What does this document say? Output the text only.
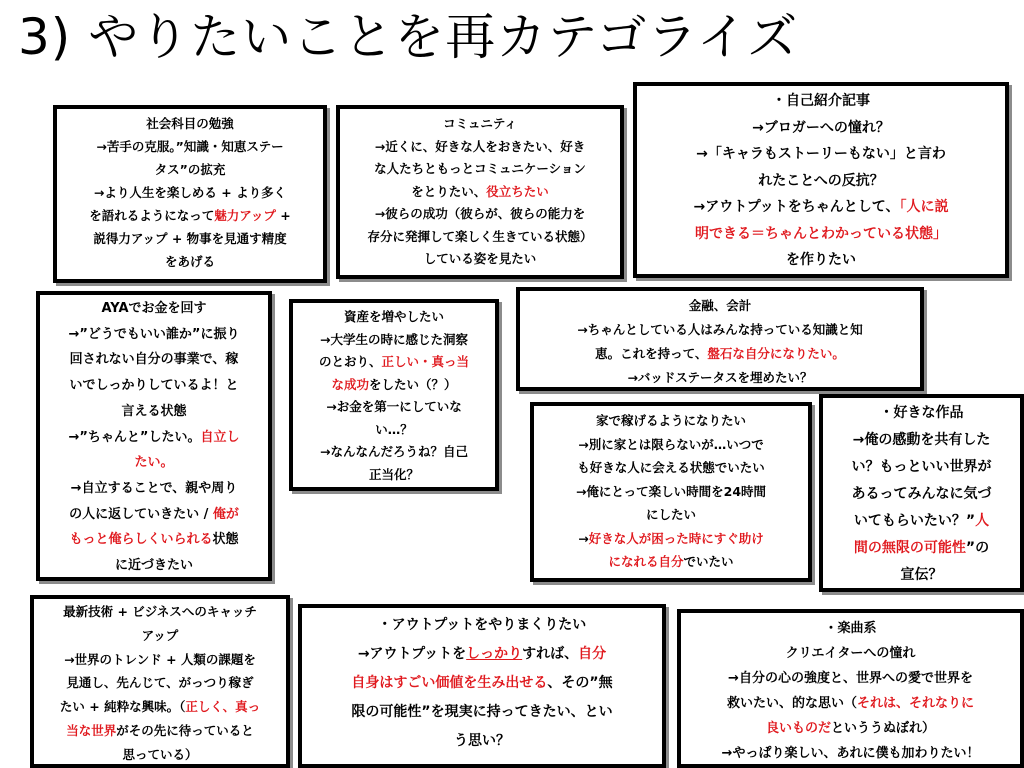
3) やりたいことを再カテゴライズ

社会科目の勉強

→苦手の克服。”知識・知恵ステー

タス”の拡充

→より人生を楽しめる + より多く

を語れるようになって魅力アップ +

説得力アップ + 物事を見通す精度

をあげる

コミュニティ

→近くに、好きな人をおきたい、好き

な人たちともっとコミュニケーション

をとりたい、役立ちたい

→彼らの成功（彼らが、彼らの能力を

存分に発揮して楽しく生きている状態）

している姿を見たい

・自己紹介記事

→ブロガーへの憧れ？

→「キャラもストーリーもない」と言わ

れたことへの反抗？

→アウトプットをちゃんとして、「人に説

明できる＝ちゃんとわかっている状態」

を作りたい

AYAでお金を回す

→”どうでもいい誰か”に振り

回されない自分の事業で、稼

いでしっかりしているよ！と

言える状態

→”ちゃんと”したい。自立し

たい。

→自立することで、親や周り

の人に返していきたい / 俺が

もっと俺らしくいられる状態

に近づきたい

資産を増やしたい

→大学生の時に感じた洞察

のとおり、正しい・真っ当

な成功をしたい（？）

→お金を第一にしていな

い…？

→なんなんだろうね？自己

正当化？

金融、会計

→ちゃんとしている人はみんな持っている知識と知

恵。これを持って、盤石な自分になりたい。

→バッドステータスを埋めたい？

家で稼げるようになりたい

→別に家とは限らないが…いつで

も好きな人に会える状態でいたい

→俺にとって楽しい時間を24時間

にしたい

→好きな人が困った時にすぐ助け

になれる自分でいたい

・好きな作品

→俺の感動を共有した

い？もっといい世界が

あるってみんなに気づ

いてもらいたい？”人

間の無限の可能性”の

宣伝？

最新技術 + ビジネスへのキャッチ

アップ

→世界のトレンド + 人類の課題を

見通し、先んじて、がっつり稼ぎ

たい + 純粋な興味。（正しく、真っ

当な世界がその先に待っていると

思っている）

・アウトプットをやりまくりたい

→アウトプットをしっかりすれば、自分

自身はすごい価値を生み出せる、その”無

限の可能性”を現実に持ってきたい、とい

う思い？

・楽曲系

クリエイターへの憧れ

→自分の心の強度と、世界への愛で世界を

救いたい、的な思い（それは、それなりに

良いものだといううぬぼれ）

→やっぱり楽しい、あれに僕も加わりたい！
